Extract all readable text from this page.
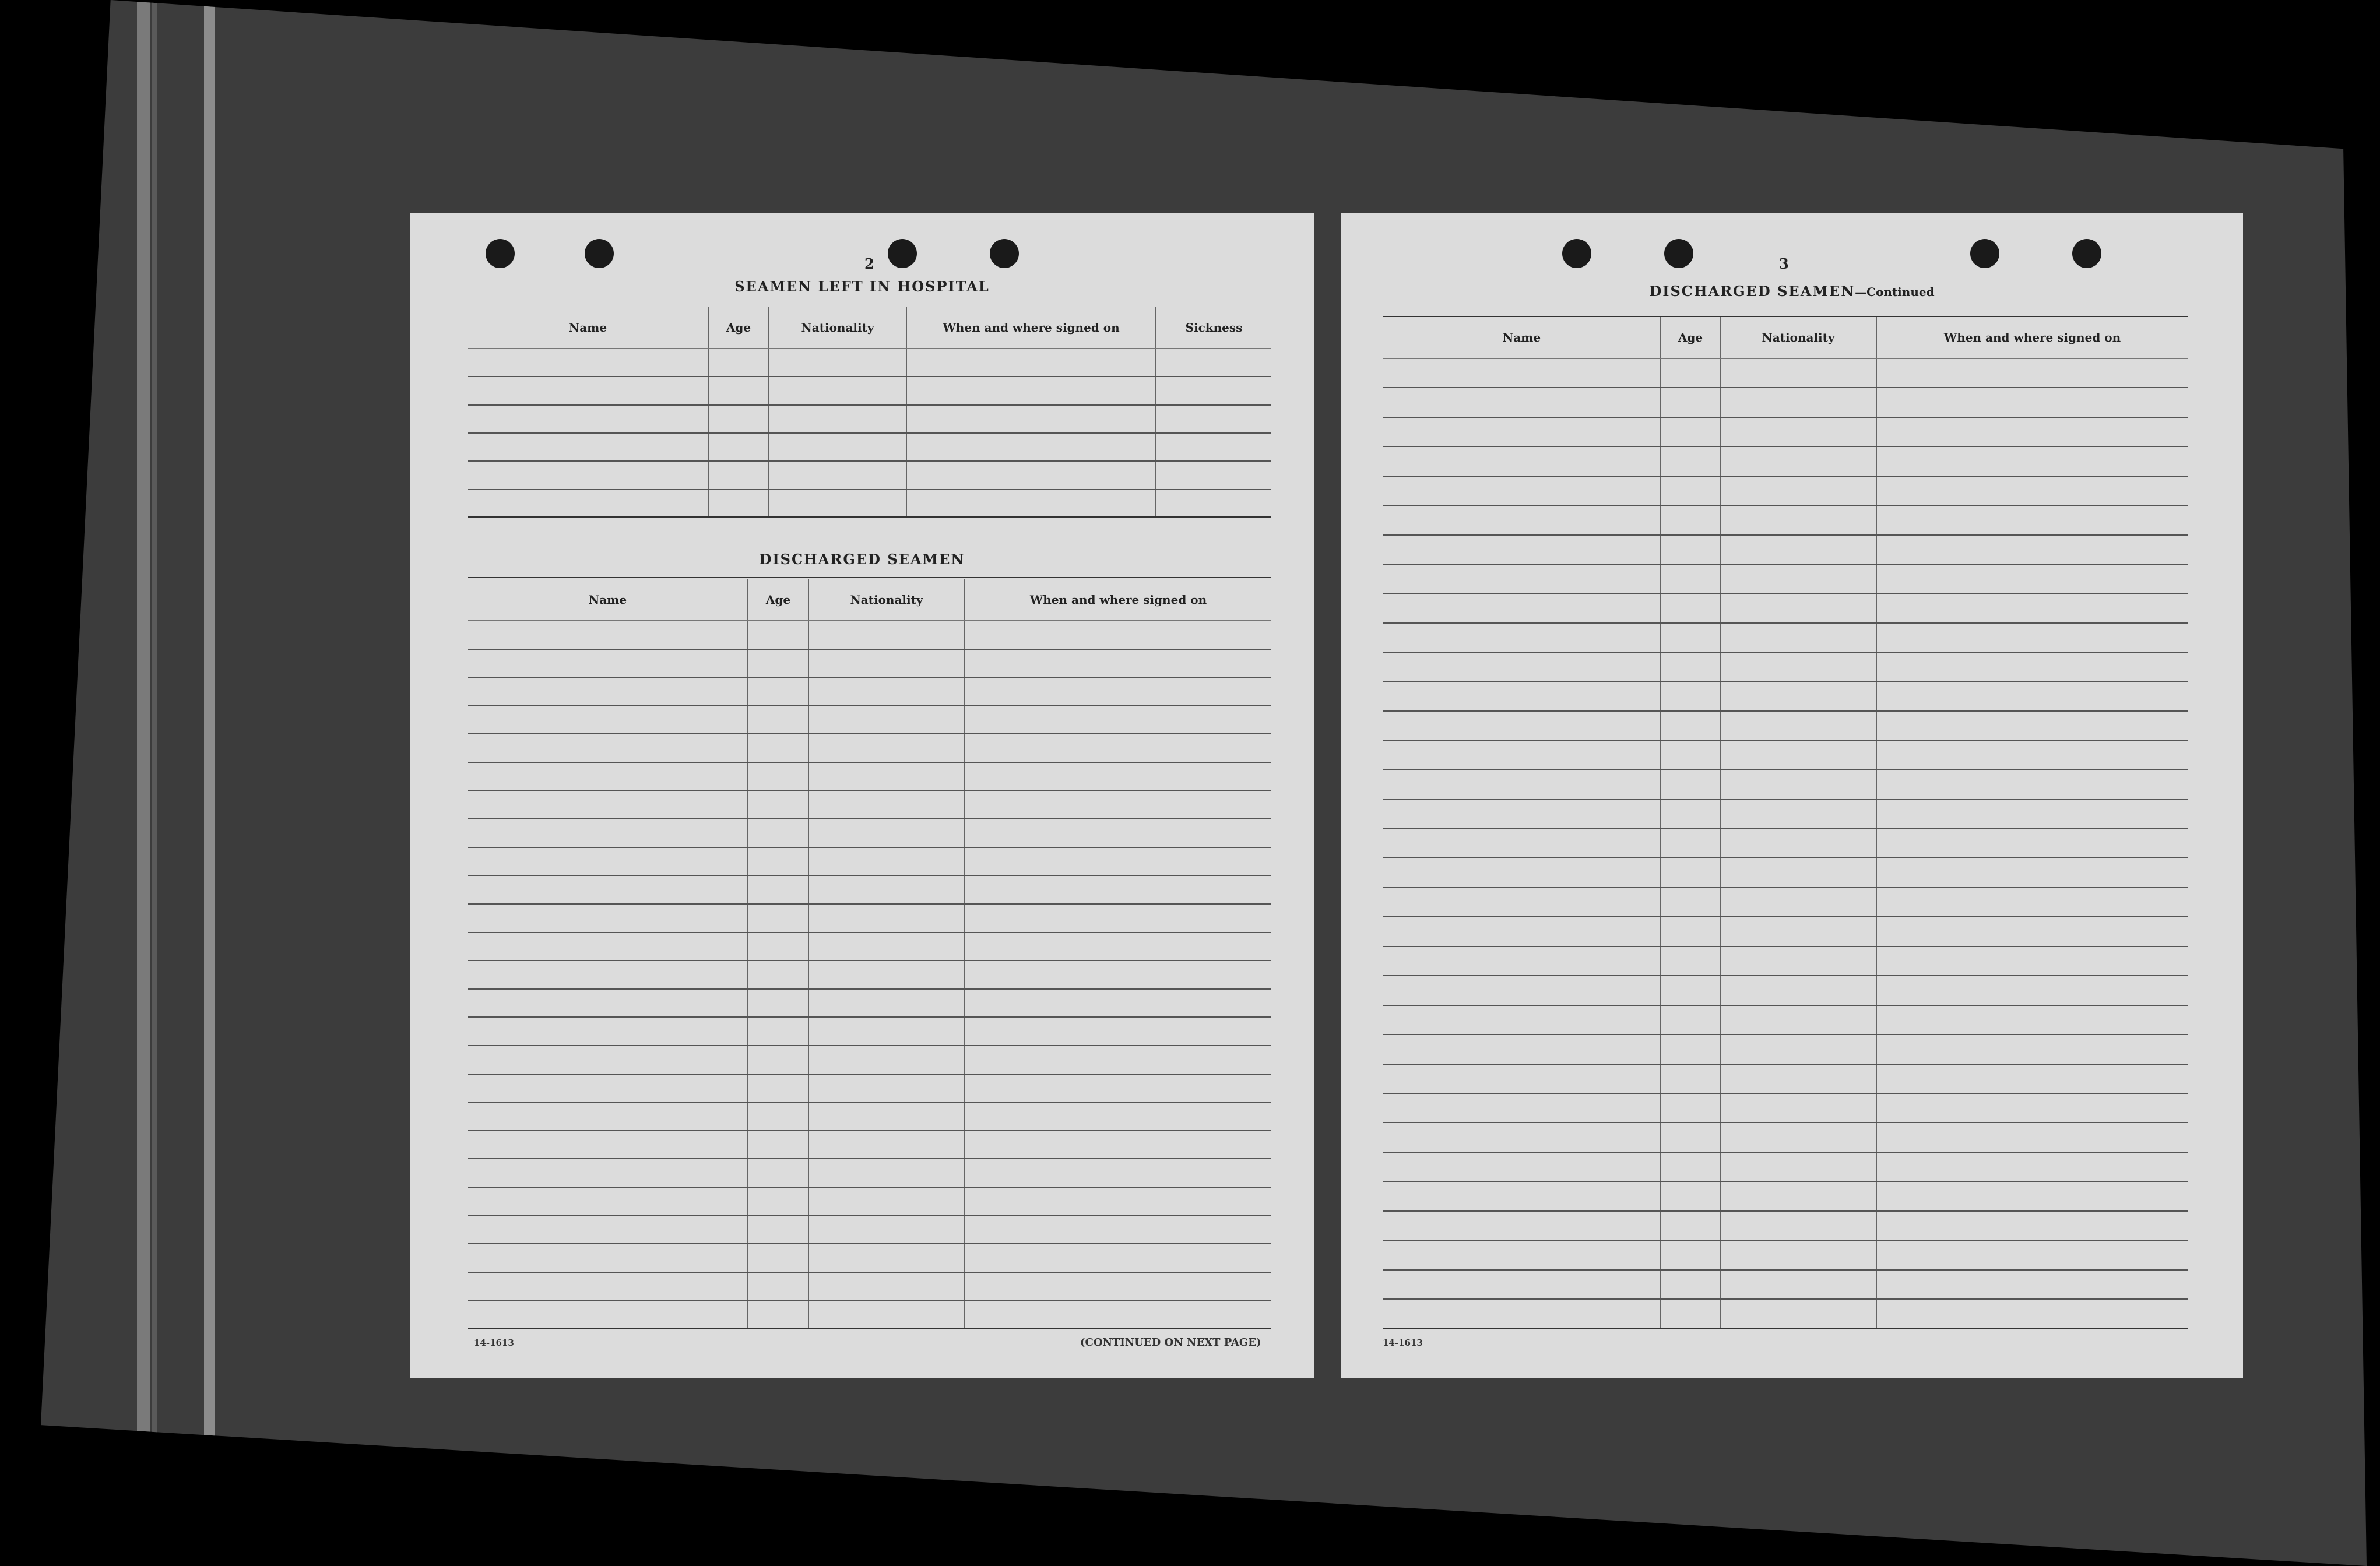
2
SEAMEN LEFT IN HOSPITAL
Name	Age	Nationality	When and where signed on	Sickness

DISCHARGED SEAMEN
Name	Age	Nationality	When and where signed on

14-1613	(CONTINUED ON NEXT PAGE)
3
DISCHARGED SEAMEN—Continued
Name	Age	Nationality	When and where signed on

14-1613
